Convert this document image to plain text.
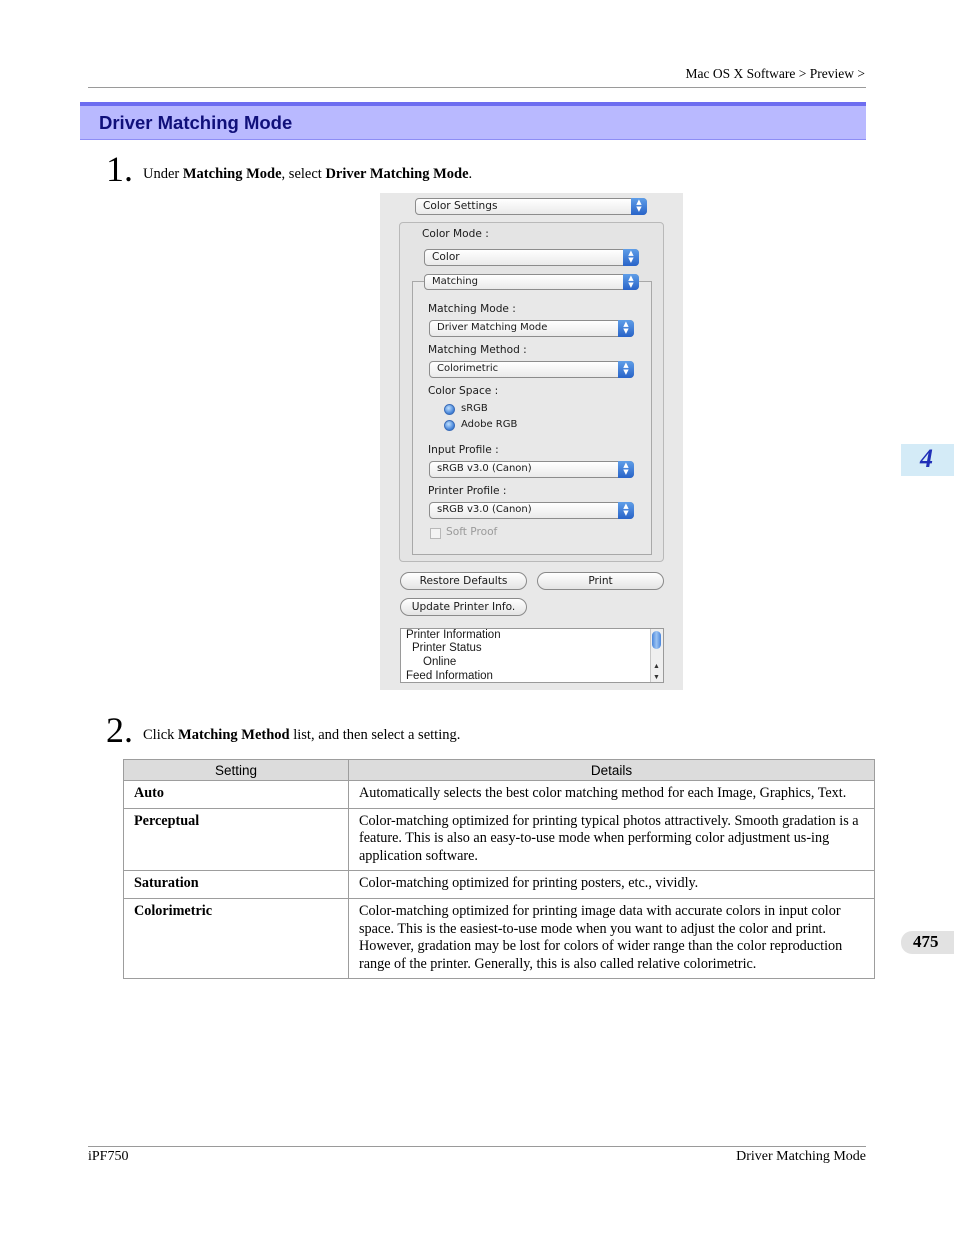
Mac OS X Software > Preview >
Driver Matching Mode
1. Under Matching Mode, select Driver Matching Mode.
Color Settings	▲
▼
Color Mode :
Color	▲
▼
Matching Mode :
Driver Matching Mode	▲
▼
Matching Method :
Colorimetric	▲
▼
Color Space :
sRGB
Adobe RGB
Input Profile :
sRGB v3.0 (Canon)	▲
▼
Printer Profile :
sRGB v3.0 (Canon)	▲
▼
Soft Proof
Matching	▲
▼
Restore Defaults	Print
Update Printer Info.
Printer Information
Printer Status
Online
Feed Information
▲
▼
2. Click Matching Method list, and then select a setting.
Setting	Details
Auto	Automatically selects the best color matching method for each Image, Graphics, Text.
Perceptual	Color-matching optimized for printing typical photos attractively. Smooth gradation is a feature. This is also an easy-to-use mode when performing color adjustment us-ing application software.
Saturation	Color-matching optimized for printing posters, etc., vividly.
Colorimetric	Color-matching optimized for printing image data with accurate colors in input color space. This is the easiest-to-use mode when you want to adjust the color and print. However, gradation may be lost for colors of wider range than the color reproduction range of the printer. Generally, this is also called relative colorimetric.
4
475
iPF750	Driver Matching Mode
